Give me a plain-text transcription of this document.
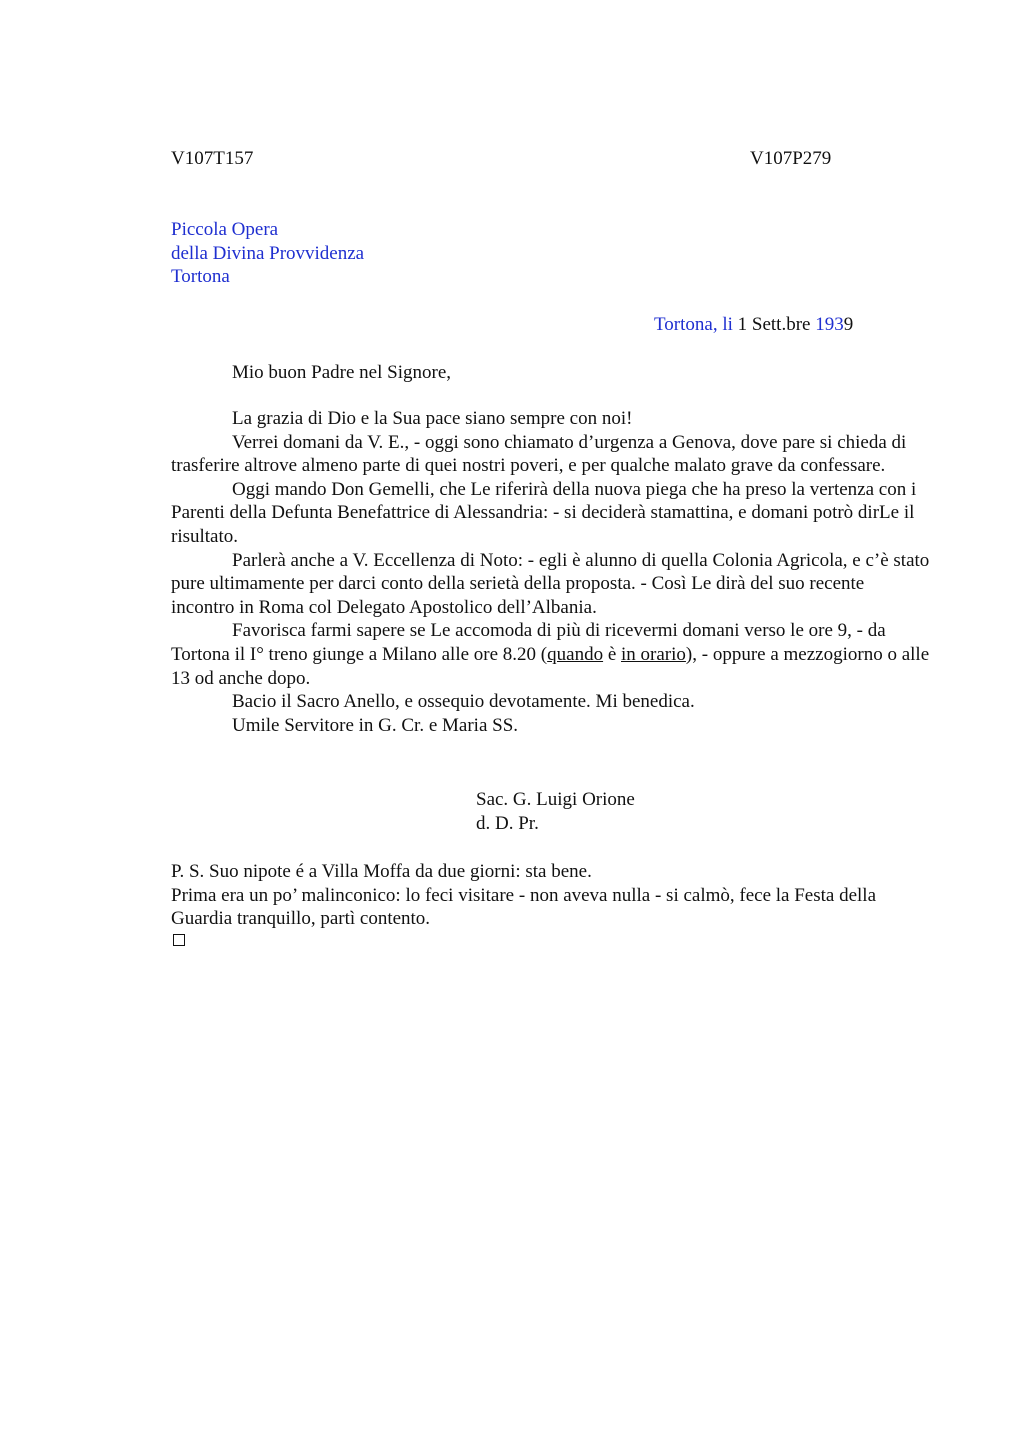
V107T157	V107P279
Piccola Opera
della Divina Provvidenza
Tortona
Tortona, li 1 Sett.bre 1939
Mio buon Padre nel Signore,

La grazia di Dio e la Sua pace siano sempre con noi!

Verrei domani da V. E., - oggi sono chiamato d’urgenza a Genova, dove pare si chieda di trasferire altrove almeno parte di quei nostri poveri, e per qualche malato grave da confessare.

Oggi mando Don Gemelli, che Le riferirà della nuova piega che ha preso la vertenza con i Parenti della Defunta Benefattrice di Alessandria: - si deciderà stamattina, e domani potrò dirLe il risultato.

Parlerà anche a V. Eccellenza di Noto: - egli è alunno di quella Colonia Agricola, e c’è stato pure ultimamente per darci conto della serietà della proposta. - Così Le dirà del suo recente incontro in Roma col Delegato Apostolico dell’Albania.

Favorisca farmi sapere se Le accomoda di più di ricevermi domani verso le ore 9, - da Tortona il I° treno giunge a Milano alle ore 8.20 (quando è in orario), - oppure a mezzogiorno o alle 13 od anche dopo.

Bacio il Sacro Anello, e ossequio devotamente. Mi benedica.

Umile Servitore in G. Cr. e Maria SS.

Sac. G. Luigi Orione
d. D. Pr.

P. S. Suo nipote é a Villa Moffa da due giorni: sta bene.

Prima era un po’ malinconico: lo feci visitare - non aveva nulla - si calmò, fece la Festa della Guardia tranquillo, partì contento.
